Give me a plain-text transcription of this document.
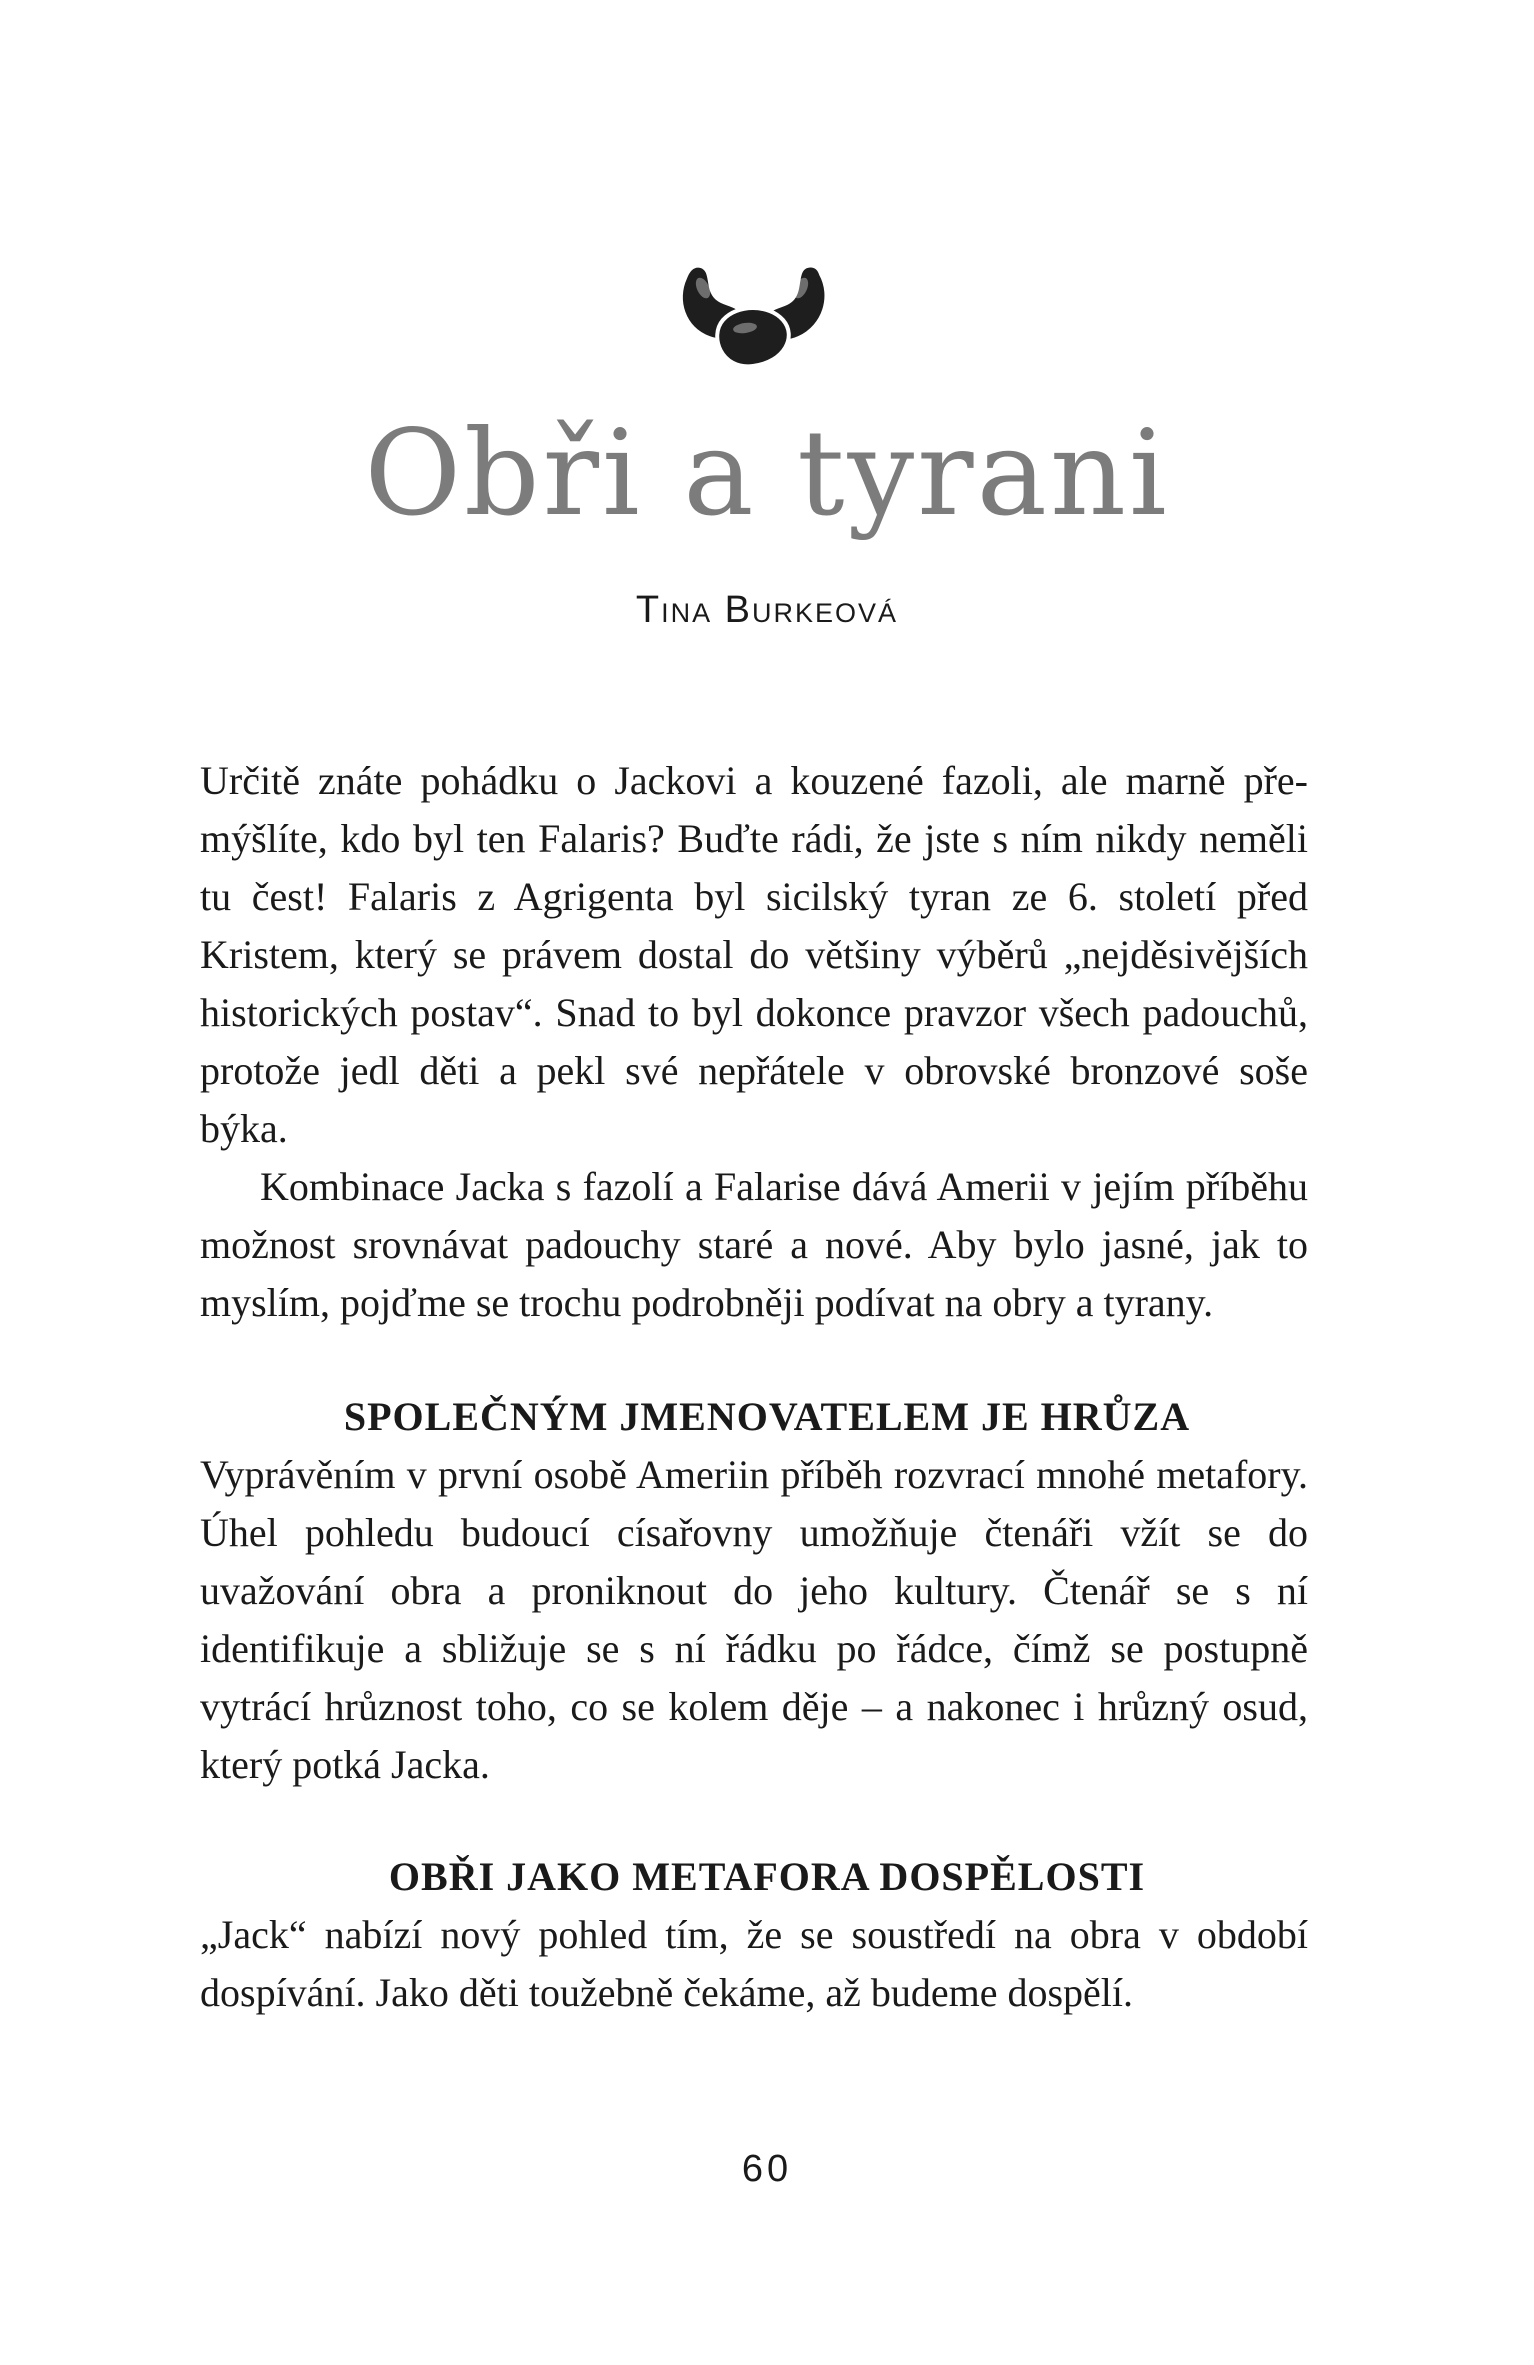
Obři a tyrani
Tina Burkeová

Určitě znáte pohádku o Jackovi a kouzené fazoli, ale marně přemýšlíte, kdo byl ten Falaris? Buďte rádi, že jste s ním nikdy neměli tu čest! Falaris z Agrigenta byl sicilský tyran ze 6. století před Kristem, který se právem dostal do většiny výběrů „nejděsivějších historických postav“. Snad to byl dokonce pravzor všech padouchů, protože jedl děti a pekl své nepřátele v obrovské bronzové soše býka.

Kombinace Jacka s fazolí a Falarise dává Amerii v jejím příběhu možnost srovnávat padouchy staré a nové. Aby bylo jasné, jak to myslím, pojďme se trochu podrobněji podívat na obry a tyrany.

SPOLEČNÝM JMENOVATELEM JE HRŮZA

Vyprávěním v první osobě Ameriin příběh rozvrací mnohé metafory. Úhel pohledu budoucí císařovny umožňuje čtenáři vžít se do uvažování obra a proniknout do jeho kultury. Čtenář se s ní identifikuje a sbližuje se s ní řádku po řádce, čímž se postupně vytrácí hrůznost toho, co se kolem děje – a nakonec i hrůzný osud, který potká Jacka.

OBŘI JAKO METAFORA DOSPĚLOSTI

„Jack“ nabízí nový pohled tím, že se soustředí na obra v období dospívání. Jako děti toužebně čekáme, až budeme dospělí.

60
